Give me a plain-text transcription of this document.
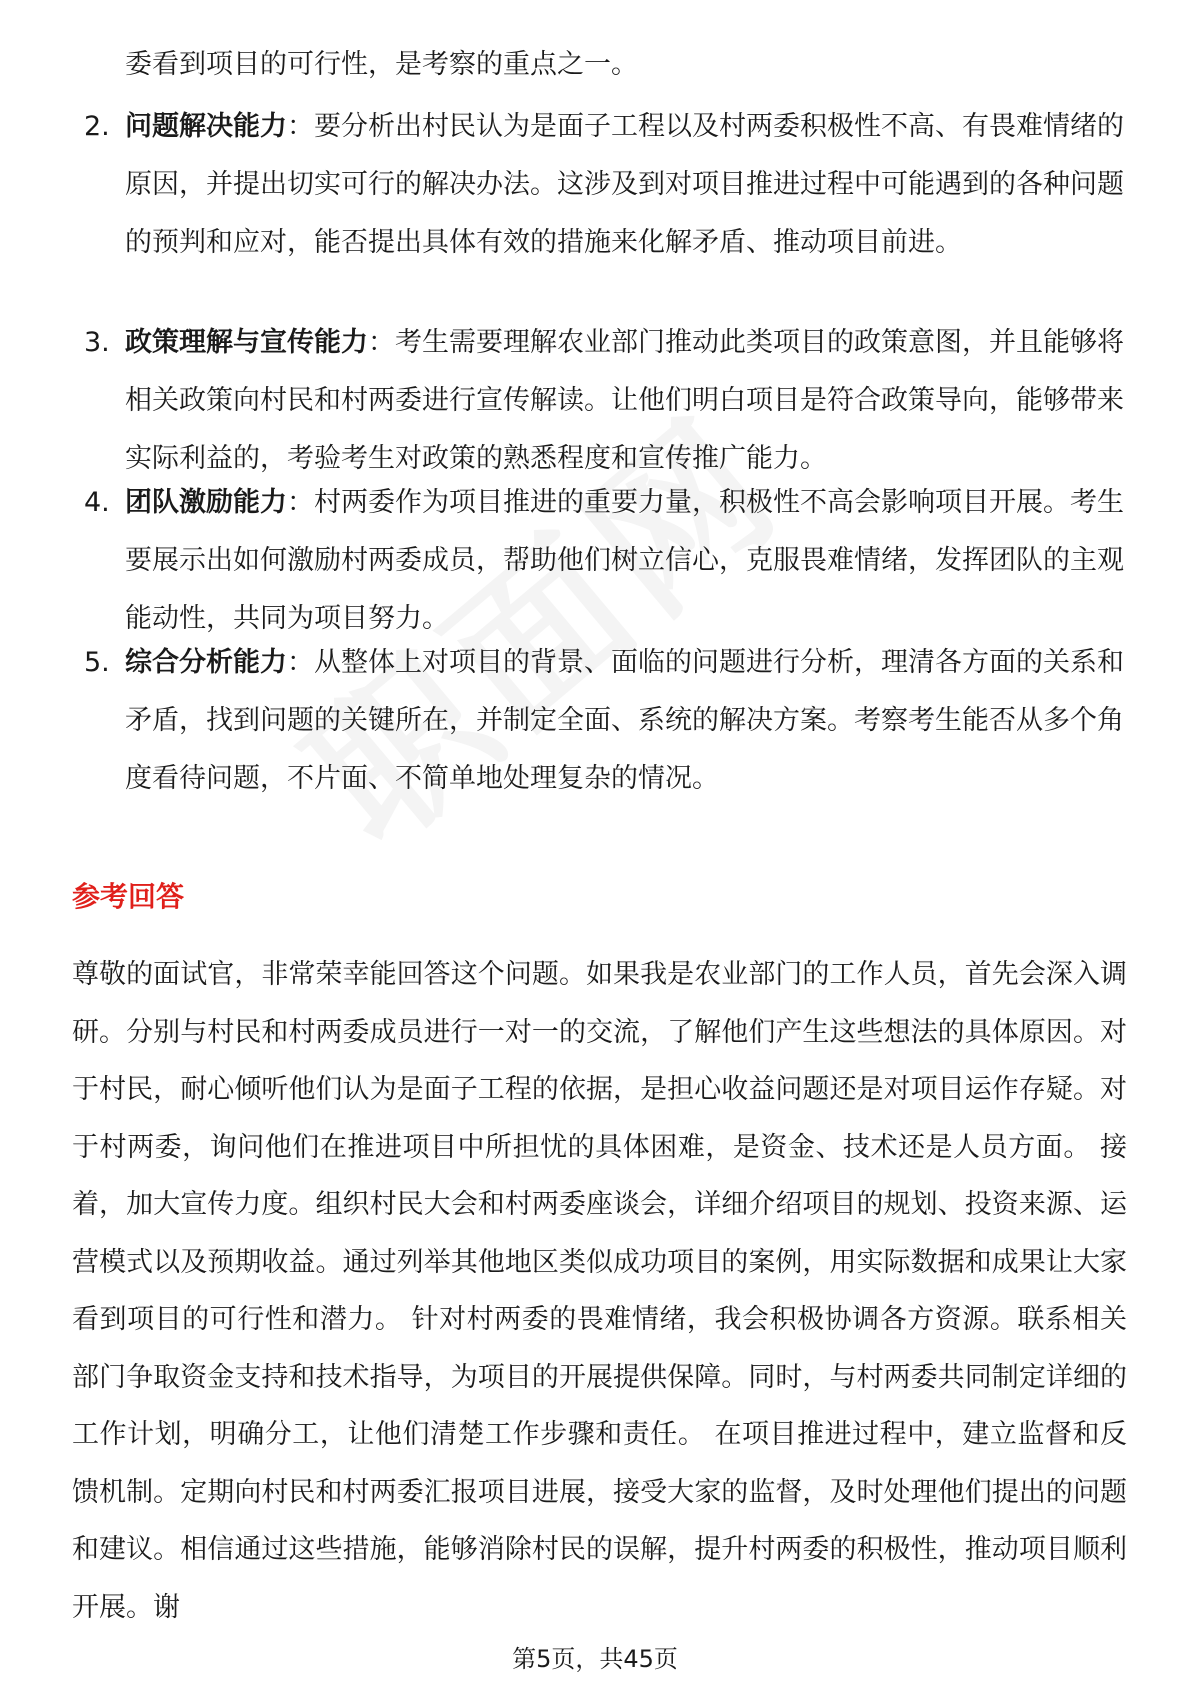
委看到项目的可行性，是考察的重点之一。
2. 问题解决能力：要分析出村民认为是面子工程以及村两委积极性不高、有畏难情绪的原因，并提出切实可行的解决办法。这涉及到对项目推进过程中可能遇到的各种问题的预判和应对，能否提出具体有效的措施来化解矛盾、推动项目前进。
3. 政策理解与宣传能力：考生需要理解农业部门推动此类项目的政策意图，并且能够将相关政策向村民和村两委进行宣传解读。让他们明白项目是符合政策导向，能够带来实际利益的，考验考生对政策的熟悉程度和宣传推广能力。
4. 团队激励能力：村两委作为项目推进的重要力量，积极性不高会影响项目开展。考生要展示出如何激励村两委成员，帮助他们树立信心，克服畏难情绪，发挥团队的主观能动性，共同为项目努力。
5. 综合分析能力：从整体上对项目的背景、面临的问题进行分析，理清各方面的关系和矛盾，找到问题的关键所在，并制定全面、系统的解决方案。考察考生能否从多个角度看待问题，不片面、不简单地处理复杂的情况。
参考回答
尊敬的面试官，非常荣幸能回答这个问题。如果我是农业部门的工作人员，首先会深入调研。分别与村民和村两委成员进行一对一的交流，了解他们产生这些想法的具体原因。对于村民，耐心倾听他们认为是面子工程的依据，是担心收益问题还是对项目运作存疑。对于村两委，询问他们在推进项目中所担忧的具体困难，是资金、技术还是人员方面。 接着，加大宣传力度。组织村民大会和村两委座谈会，详细介绍项目的规划、投资来源、运营模式以及预期收益。通过列举其他地区类似成功项目的案例，用实际数据和成果让大家看到项目的可行性和潜力。 针对村两委的畏难情绪，我会积极协调各方资源。联系相关部门争取资金支持和技术指导，为项目的开展提供保障。同时，与村两委共同制定详细的工作计划，明确分工，让他们清楚工作步骤和责任。 在项目推进过程中，建立监督和反馈机制。定期向村民和村两委汇报项目进展，接受大家的监督，及时处理他们提出的问题和建议。相信通过这些措施，能够消除村民的误解，提升村两委的积极性，推动项目顺利开展。谢
第5页，共45页
